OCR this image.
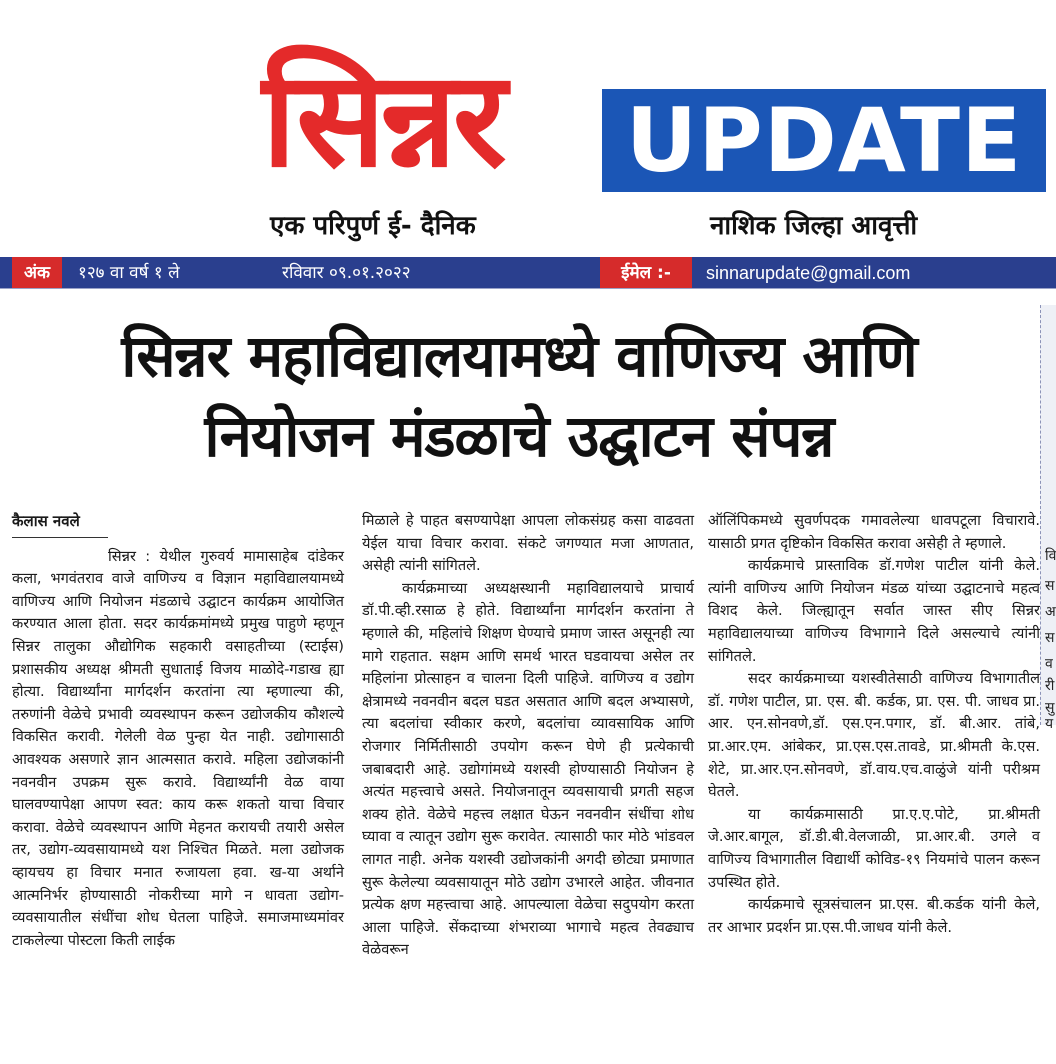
सिन्नर	UPDATE
एक परिपुर्ण ई- दैनिक	नाशिक जिल्हा आवृत्ती
अंक	१२७ वा वर्ष १ ले	रविवार ०९.०१.२०२२	ईमेल :-	sinnarupdate@gmail.com
सिन्नर महाविद्यालयामध्ये वाणिज्य आणि
नियोजन मंडळाचे उद्घाटन संपन्न

कैलास नवले

सिन्नर : येथील गुरुवर्य मामासाहेब दांडेकर कला, भगवंतराव वाजे वाणिज्य व विज्ञान महाविद्यालयामध्ये वाणिज्य आणि नियोजन मंडळाचे उद्घाटन कार्यक्रम आयोजित करण्यात आला होता. सदर कार्यक्रमांमध्ये प्रमुख पाहुणे म्हणून सिन्नर तालुका औद्योगिक सहकारी वसाहतीच्या (स्टाईस) प्रशासकीय अध्यक्ष श्रीमती सुधाताई विजय माळोदे-गडाख ह्या होत्या. विद्यार्थ्यांना मार्गदर्शन करतांना त्या म्हणाल्या की, तरुणांनी वेळेचे प्रभावी व्यवस्थापन करून उद्योजकीय कौशल्ये विकसित करावी. गेलेली वेळ पुन्हा येत नाही. उद्योगासाठी आवश्यक असणारे ज्ञान आत्मसात करावे. महिला उद्योजकांनी नवनवीन उपक्रम सुरू करावे. विद्यार्थ्यांनी वेळ वाया घालवण्यापेक्षा आपण स्वत: काय करू शकतो याचा विचार करावा. वेळेचे व्यवस्थापन आणि मेहनत करायची तयारी असेल तर, उद्योग-व्यवसायामध्ये यश निश्चित मिळते. मला उद्योजक व्हायचय हा विचार मनात रुजायला हवा. ख-या अर्थाने आत्मनिर्भर होण्यासाठी नोकरीच्या मागे न धावता उद्योग-व्यवसायातील संधींचा शोध घेतला पाहिजे. समाजमाध्यमांवर टाकलेल्या पोस्टला किती लाईक

मिळाले हे पाहत बसण्यापेक्षा आपला लोकसंग्रह कसा वाढवता येईल याचा विचार करावा. संकटे जगण्यात मजा आणतात, असेही त्यांनी सांगितले.

कार्यक्रमाच्या अध्यक्षस्थानी महाविद्यालयाचे प्राचार्य डॉ.पी.व्ही.रसाळ हे होते. विद्यार्थ्यांना मार्गदर्शन करतांना ते म्हणाले की, महिलांचे शिक्षण घेण्याचे प्रमाण जास्त असूनही त्या मागे राहतात. सक्षम आणि समर्थ भारत घडवायचा असेल तर महिलांना प्रोत्साहन व चालना दिली पाहिजे. वाणिज्य व उद्योग क्षेत्रामध्ये नवनवीन बदल घडत असतात आणि बदल अभ्यासणे, त्या बदलांचा स्वीकार करणे, बदलांचा व्यावसायिक आणि रोजगार निर्मितीसाठी उपयोग करून घेणे ही प्रत्येकाची जबाबदारी आहे. उद्योगांमध्ये यशस्वी होण्यासाठी नियोजन हे अत्यंत महत्त्वाचे असते. नियोजनातून व्यवसायाची प्रगती सहज शक्य होते. वेळेचे महत्त्व लक्षात घेऊन नवनवीन संधींचा शोध घ्यावा व त्यातून उद्योग सुरू करावेत. त्यासाठी फार मोठे भांडवल लागत नाही. अनेक यशस्वी उद्योजकांनी अगदी छोट्या प्रमाणात सुरू केलेल्या व्यवसायातून मोठे उद्योग उभारले आहेत. जीवनात प्रत्येक क्षण महत्त्वाचा आहे. आपल्याला वेळेचा सदुपयोग करता आला पाहिजे. सेंकदाच्या शंभराव्या भागाचे महत्व तेवढ्याच वेळेवरून

ऑलिंपिकमध्ये सुवर्णपदक गमावलेल्या धावपटूला विचारावे. यासाठी प्रगत दृष्टिकोन विकसित करावा असेही ते म्हणाले.

कार्यक्रमाचे प्रास्ताविक डॉ.गणेश पाटील यांनी केले. त्यांनी वाणिज्य आणि नियोजन मंडळ यांच्या उद्घाटनाचे महत्व विशद केले. जिल्ह्यातून सर्वात जास्त सीए सिन्नर महाविद्यालयाच्या वाणिज्य विभागाने दिले असल्याचे त्यांनी सांगितले.

सदर कार्यक्रमाच्या यशस्वीतेसाठी वाणिज्य विभागातील डॉ. गणेश पाटील, प्रा. एस. बी. कर्डक, प्रा. एस. पी. जाधव प्रा. आर. एन.सोनवणे,डॉ. एस.एन.पगार, डॉ. बी.आर. तांबे, प्रा.आर.एम. आंबेकर, प्रा.एस.एस.तावडे, प्रा.श्रीमती के.एस. शेटे, प्रा.आर.एन.सोनवणे, डॉ.वाय.एच.वाळुंजे यांनी परीश्रम घेतले.

या कार्यक्रमासाठी प्रा.ए.ए.पोटे, प्रा.श्रीमती जे.आर.बागूल, डॉ.डी.बी.वेलजाळी, प्रा.आर.बी. उगले व वाणिज्य विभागातील विद्यार्थी कोविड-१९ नियमांचे पालन करून उपस्थित होते.

कार्यक्रमाचे सूत्रसंचालन प्रा.एस. बी.कर्डक यांनी केले, तर आभार प्रदर्शन प्रा.एस.पी.जाधव यांनी केले.

वि
स
अ
स
व
री
सु
य
